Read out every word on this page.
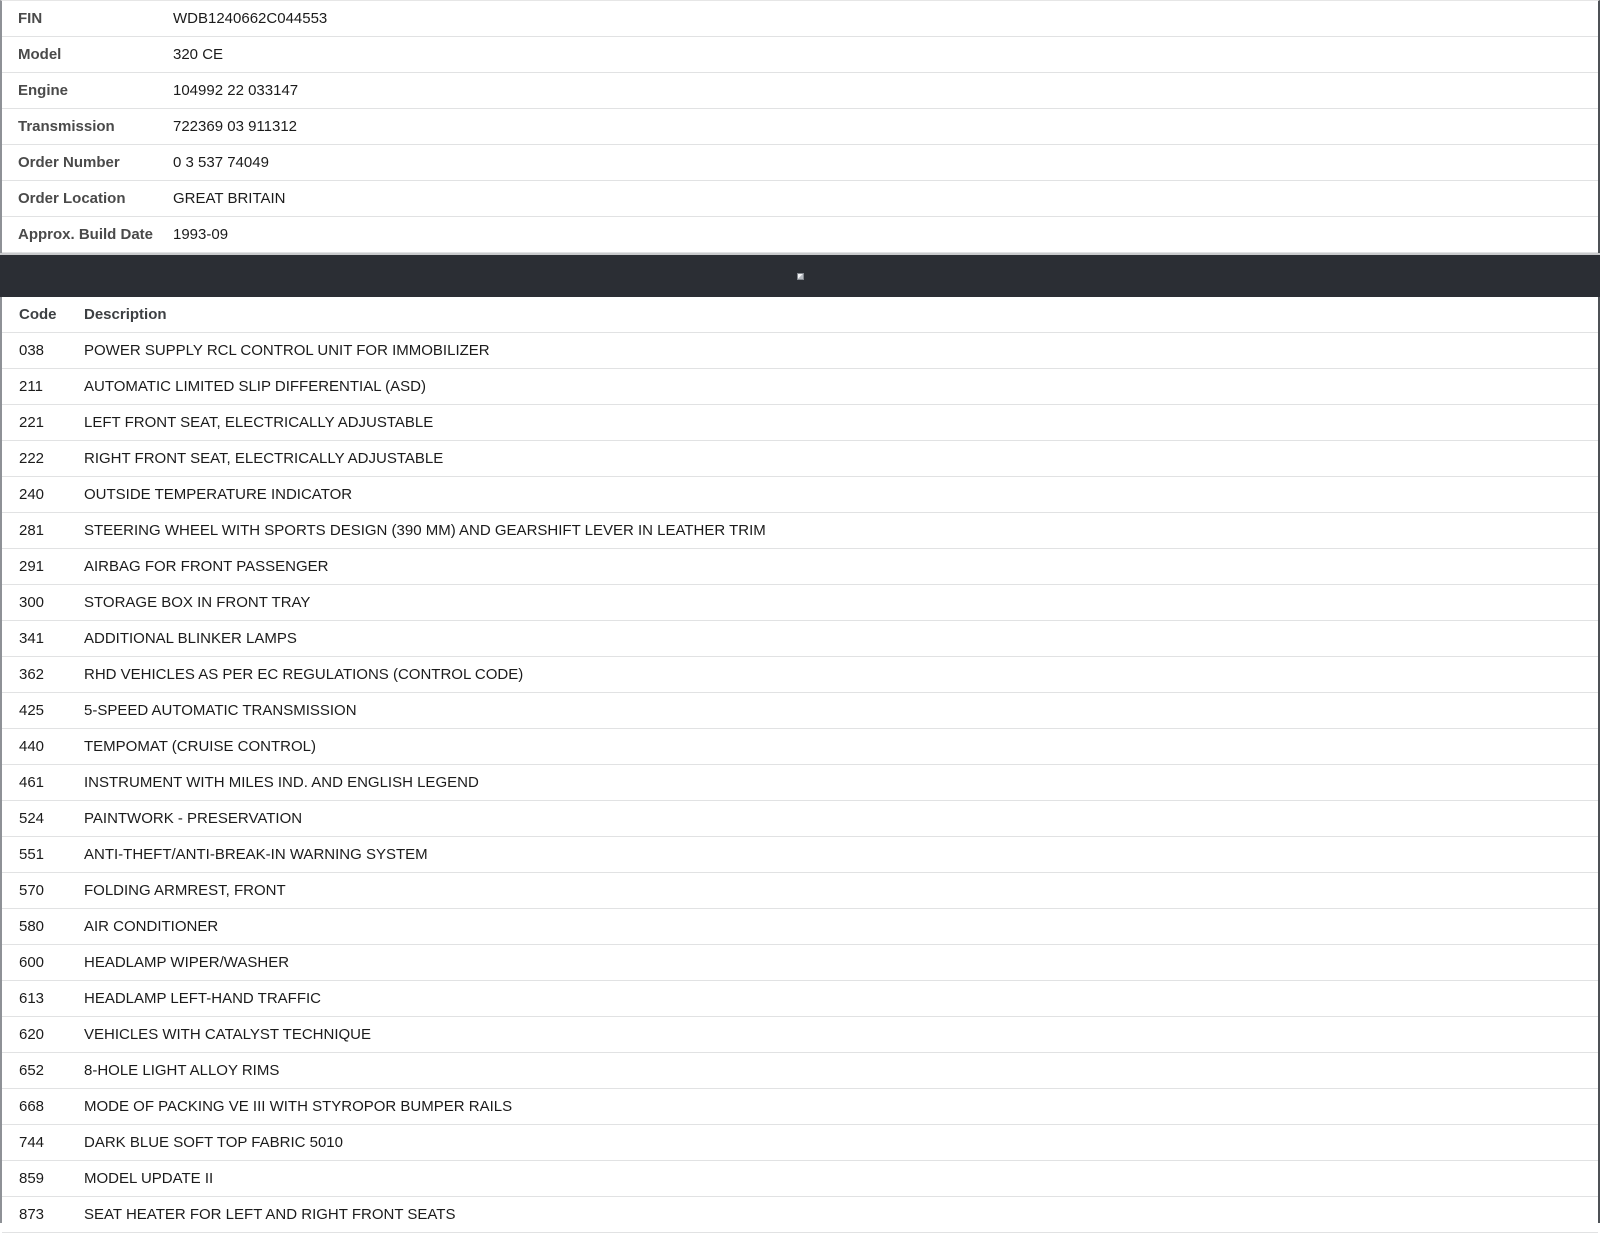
FIN	WDB1240662C044553
Model	320 CE
Engine	104992 22 033147
Transmission	722369 03 911312
Order Number	0 3 537 74049
Order Location	GREAT BRITAIN
Approx. Build Date	1993-09
Code	Description
038	POWER SUPPLY RCL CONTROL UNIT FOR IMMOBILIZER
211	AUTOMATIC LIMITED SLIP DIFFERENTIAL (ASD)
221	LEFT FRONT SEAT, ELECTRICALLY ADJUSTABLE
222	RIGHT FRONT SEAT, ELECTRICALLY ADJUSTABLE
240	OUTSIDE TEMPERATURE INDICATOR
281	STEERING WHEEL WITH SPORTS DESIGN (390 MM) AND GEARSHIFT LEVER IN LEATHER TRIM
291	AIRBAG FOR FRONT PASSENGER
300	STORAGE BOX IN FRONT TRAY
341	ADDITIONAL BLINKER LAMPS
362	RHD VEHICLES AS PER EC REGULATIONS (CONTROL CODE)
425	5-SPEED AUTOMATIC TRANSMISSION
440	TEMPOMAT (CRUISE CONTROL)
461	INSTRUMENT WITH MILES IND. AND ENGLISH LEGEND
524	PAINTWORK - PRESERVATION
551	ANTI-THEFT/ANTI-BREAK-IN WARNING SYSTEM
570	FOLDING ARMREST, FRONT
580	AIR CONDITIONER
600	HEADLAMP WIPER/WASHER
613	HEADLAMP LEFT-HAND TRAFFIC
620	VEHICLES WITH CATALYST TECHNIQUE
652	8-HOLE LIGHT ALLOY RIMS
668	MODE OF PACKING VE III WITH STYROPOR BUMPER RAILS
744	DARK BLUE SOFT TOP FABRIC 5010
859	MODEL UPDATE II
873	SEAT HEATER FOR LEFT AND RIGHT FRONT SEATS
